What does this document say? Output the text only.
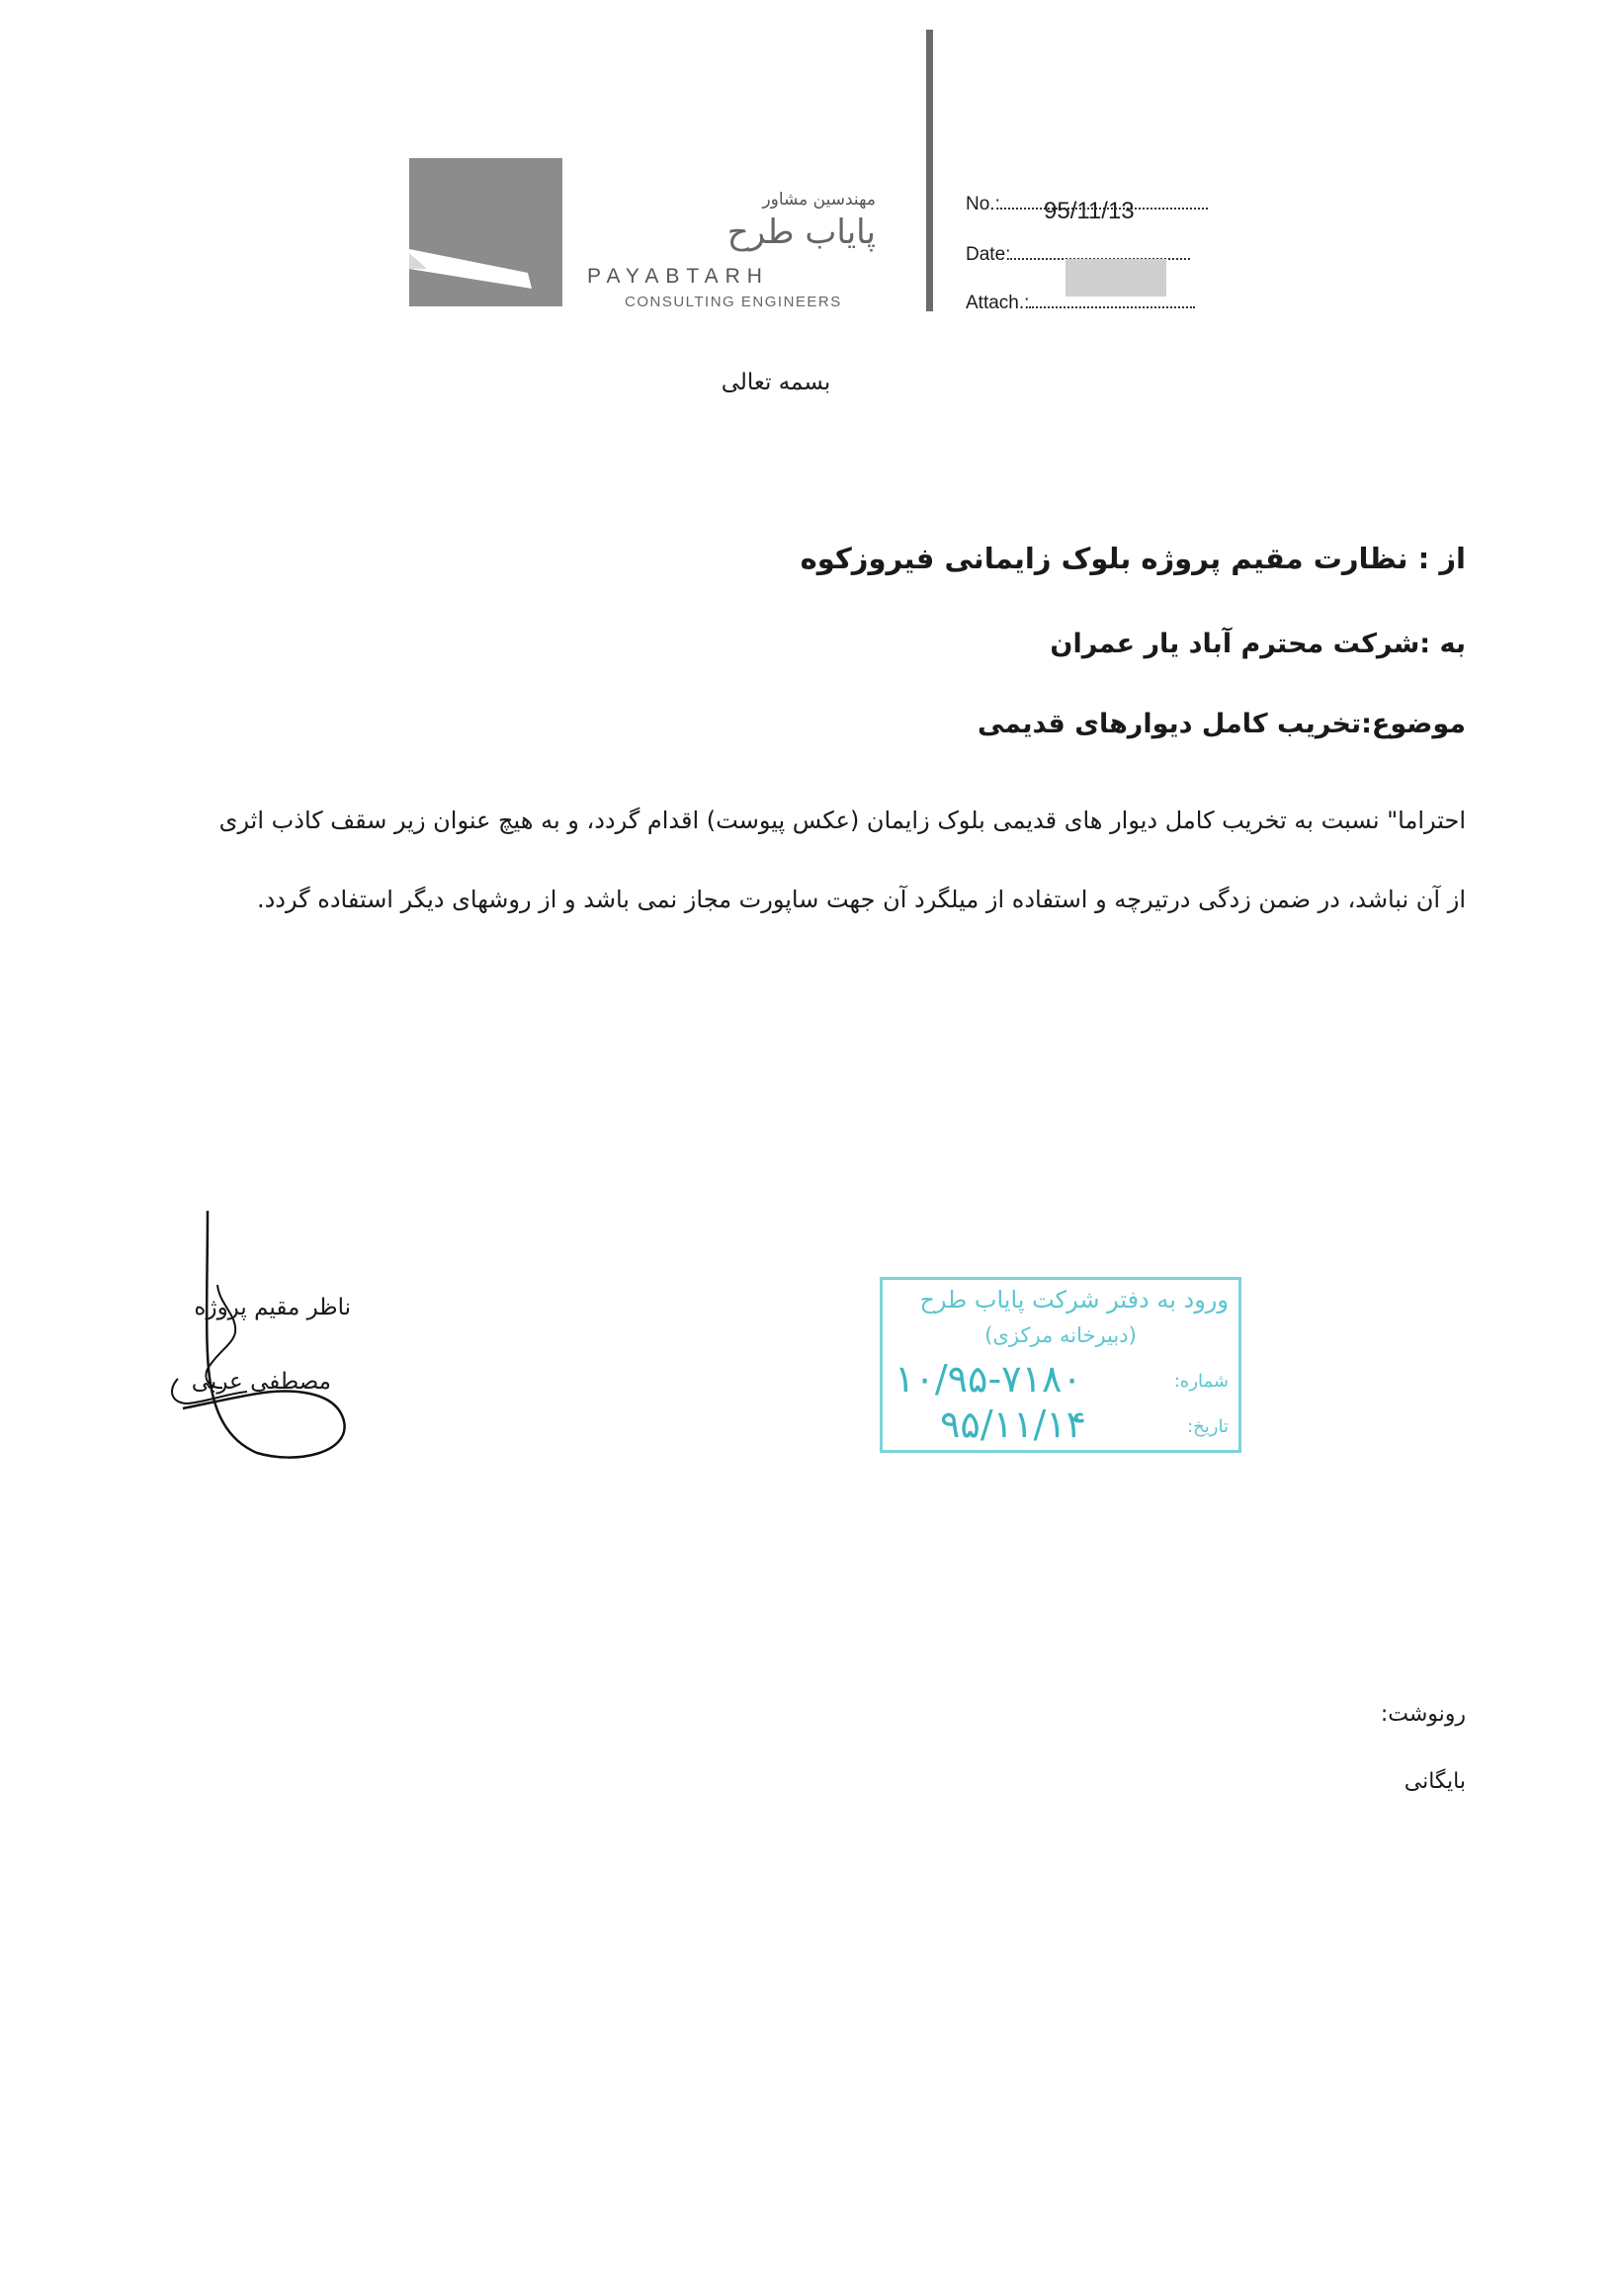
مهندسین مشاور
پایاب طرح
PAYABTARH
CONSULTING ENGINEERS
No.:	95/11/13
Date:
Attach.:
بسمه تعالی
از : نظارت مقیم پروژه بلوک زایمانی فیروزکوه
به :شرکت محترم آباد یار عمران
موضوع:تخریب کامل دیوارهای قدیمی
احتراما" نسبت به تخریب کامل دیوار های قدیمی بلوک زایمان (عکس پیوست) اقدام گردد، و به هیچ عنوان زیر سقف کاذب اثری از آن نباشد، در ضمن زدگی درتیرچه و استفاده از میلگرد آن جهت ساپورت مجاز نمی باشد و از روشهای دیگر استفاده گردد.
ناظر مقیم پروژه
مصطفی عربی
ورود به دفتر شرکت پایاب طرح
(دبیرخانه مرکزی)
شماره:
۱۰/۹۵-۷۱۸۰
تاریخ:
۹۵/۱۱/۱۴
رونوشت:
بایگانی
